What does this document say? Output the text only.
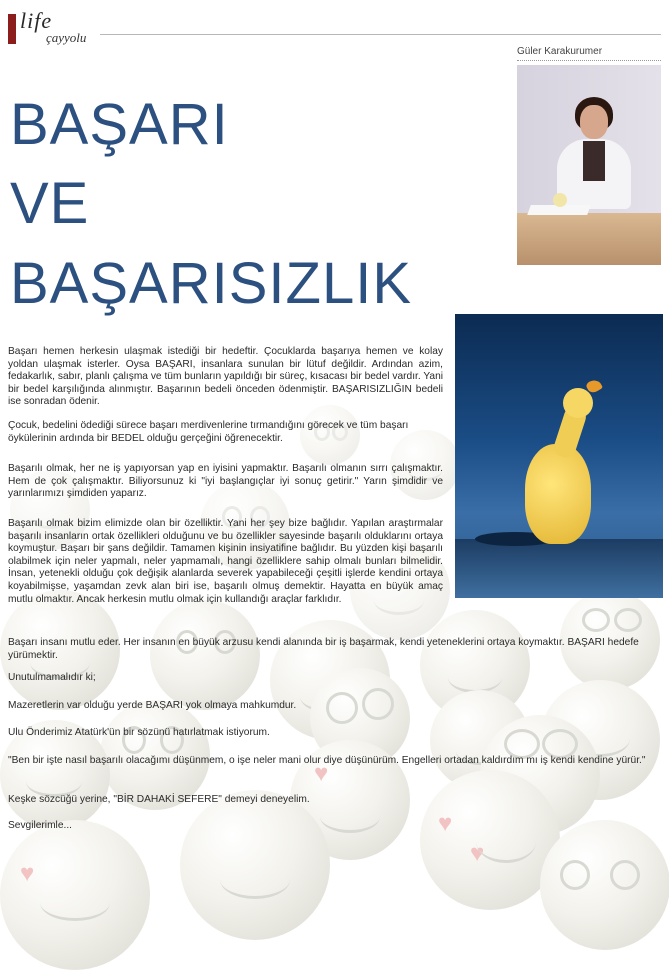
♥
♥
♥
♥
life
çayyolu
Güler Karakurumer
BAŞARI
VE
BAŞARISIZLIK
Başarı hemen herkesin ulaşmak istediği bir hedeftir. Çocuklarda başarıya hemen ve kolay yoldan ulaşmak isterler. Oysa BAŞARI, insanlara sunulan bir lütuf değildir. Ardından azim, fedakarlık, sabır, planlı çalışma ve tüm bunların yapıldığı bir süreç, kısacası bir bedel vardır. Yani bir bedel karşılığında alınmıştır. Başarının bedeli önceden ödenmiştir. BAŞARISIZLIĞIN bedeli ise sonradan ödenir.
Çocuk, bedelini ödediği sürece başarı merdivenlerine tırmandığını görecek ve tüm başarı öykülerinin ardında bir BEDEL olduğu gerçeğini öğrenecektir.
Başarılı olmak, her ne iş yapıyorsan yap en iyisini yapmaktır. Başarılı olmanın sırrı çalışmaktır. Hem de çok çalışmaktır. Biliyorsunuz ki "iyi başlangıçlar iyi sonuç getirir." Yarın şimdidir ve yarınlarımızı şimdiden yaparız.
Başarılı olmak bizim elimizde olan bir özelliktir. Yani her şey bize bağlıdır. Yapılan araştırmalar başarılı insanların ortak özellikleri olduğunu ve bu özellikler sayesinde başarılı olduklarını ortaya koymuştur. Başarı bir şans değildir. Tamamen kişinin insiyatifine bağlıdır. Bu yüzden kişi başarılı olabilmek için neler yapmalı, neler yapmamalı, hangi özelliklere sahip olmalı bunları bilmelidir. İnsan, yetenekli olduğu çok değişik alanlarda severek yapabileceği çeşitli işlerde kendini ortaya koyabilmişse, yaşamdan zevk alan biri ise, başarılı olmuş demektir. Hayatta en büyük amaç mutlu olmaktır. Ancak herkesin mutlu olmak için kullandığı araçlar farklıdır.
Başarı insanı mutlu eder. Her insanın en büyük arzusu kendi alanında bir iş başarmak, kendi yeteneklerini ortaya koymaktır. BAŞARI hedefe yürümektir.
Unutulmamalıdır ki;
Mazeretlerin var olduğu yerde BAŞARI yok olmaya mahkumdur.
Ulu Önderimiz Atatürk'ün bir sözünü hatırlatmak istiyorum.
"Ben bir işte nasıl başarılı olacağımı düşünmem, o işe neler mani olur diye düşünürüm. Engelleri ortadan kaldırdım mı iş kendi kendine yürür."
Keşke sözcüğü yerine, "BİR DAHAKİ SEFERE" demeyi deneyelim.
Sevgilerimle...
